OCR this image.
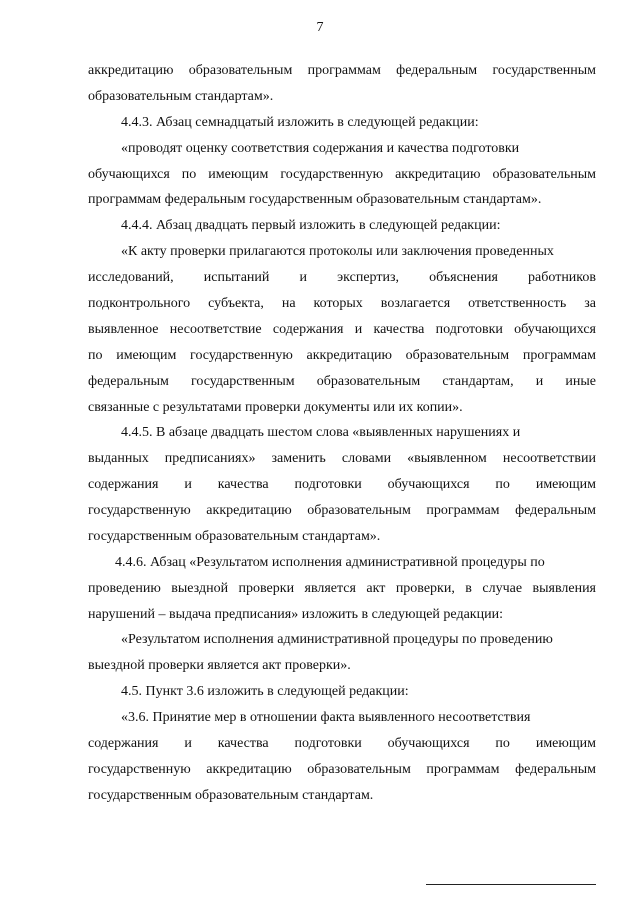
7
аккредитацию образовательным программам федеральным государственным
образовательным стандартам».
4.4.3. Абзац семнадцатый изложить в следующей редакции:
«проводят оценку соответствия содержания и качества подготовки
обучающихся по имеющим государственную аккредитацию образовательным
программам федеральным государственным образовательным стандартам».
4.4.4. Абзац двадцать первый изложить в следующей редакции:
«К акту проверки прилагаются протоколы или заключения проведенных
исследований, испытаний и экспертиз, объяснения работников
подконтрольного субъекта, на которых возлагается ответственность за
выявленное несоответствие содержания и качества подготовки обучающихся
по имеющим государственную аккредитацию образовательным программам
федеральным государственным образовательным стандартам, и иные
связанные с результатами проверки документы или их копии».
4.4.5. В абзаце двадцать шестом слова «выявленных нарушениях и
выданных предписаниях» заменить словами «выявленном несоответствии
содержания и качества подготовки обучающихся по имеющим
государственную аккредитацию образовательным программам федеральным
государственным образовательным стандартам».
4.4.6. Абзац «Результатом исполнения административной процедуры по
проведению выездной проверки является акт проверки, в случае выявления
нарушений – выдача предписания» изложить в следующей редакции:
«Результатом исполнения административной процедуры по проведению
выездной проверки является акт проверки».
4.5. Пункт 3.6 изложить в следующей редакции:
«3.6. Принятие мер в отношении факта выявленного несоответствия
содержания и качества подготовки обучающихся по имеющим
государственную аккредитацию образовательным программам федеральным
государственным образовательным стандартам.
